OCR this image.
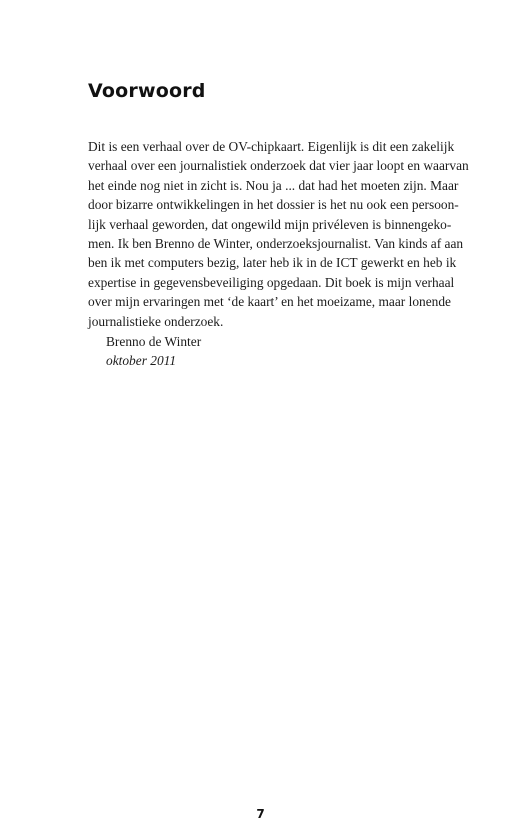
Voorwoord
Dit is een verhaal over de OV-chipkaart. Eigenlijk is dit een zakelijk
verhaal over een journalistiek onderzoek dat vier jaar loopt en waarvan
het einde nog niet in zicht is. Nou ja ... dat had het moeten zijn. Maar
door bizarre ontwikkelingen in het dossier is het nu ook een persoon-
lijk verhaal geworden, dat ongewild mijn privéleven is binnengeko-
men. Ik ben Brenno de Winter, onderzoeksjournalist. Van kinds af aan
ben ik met computers bezig, later heb ik in de ICT gewerkt en heb ik
expertise in gegevensbeveiliging opgedaan. Dit boek is mijn verhaal
over mijn ervaringen met ‘de kaart’ en het moeizame, maar lonende
journalistieke onderzoek.
Brenno de Winter
oktober 2011
7
